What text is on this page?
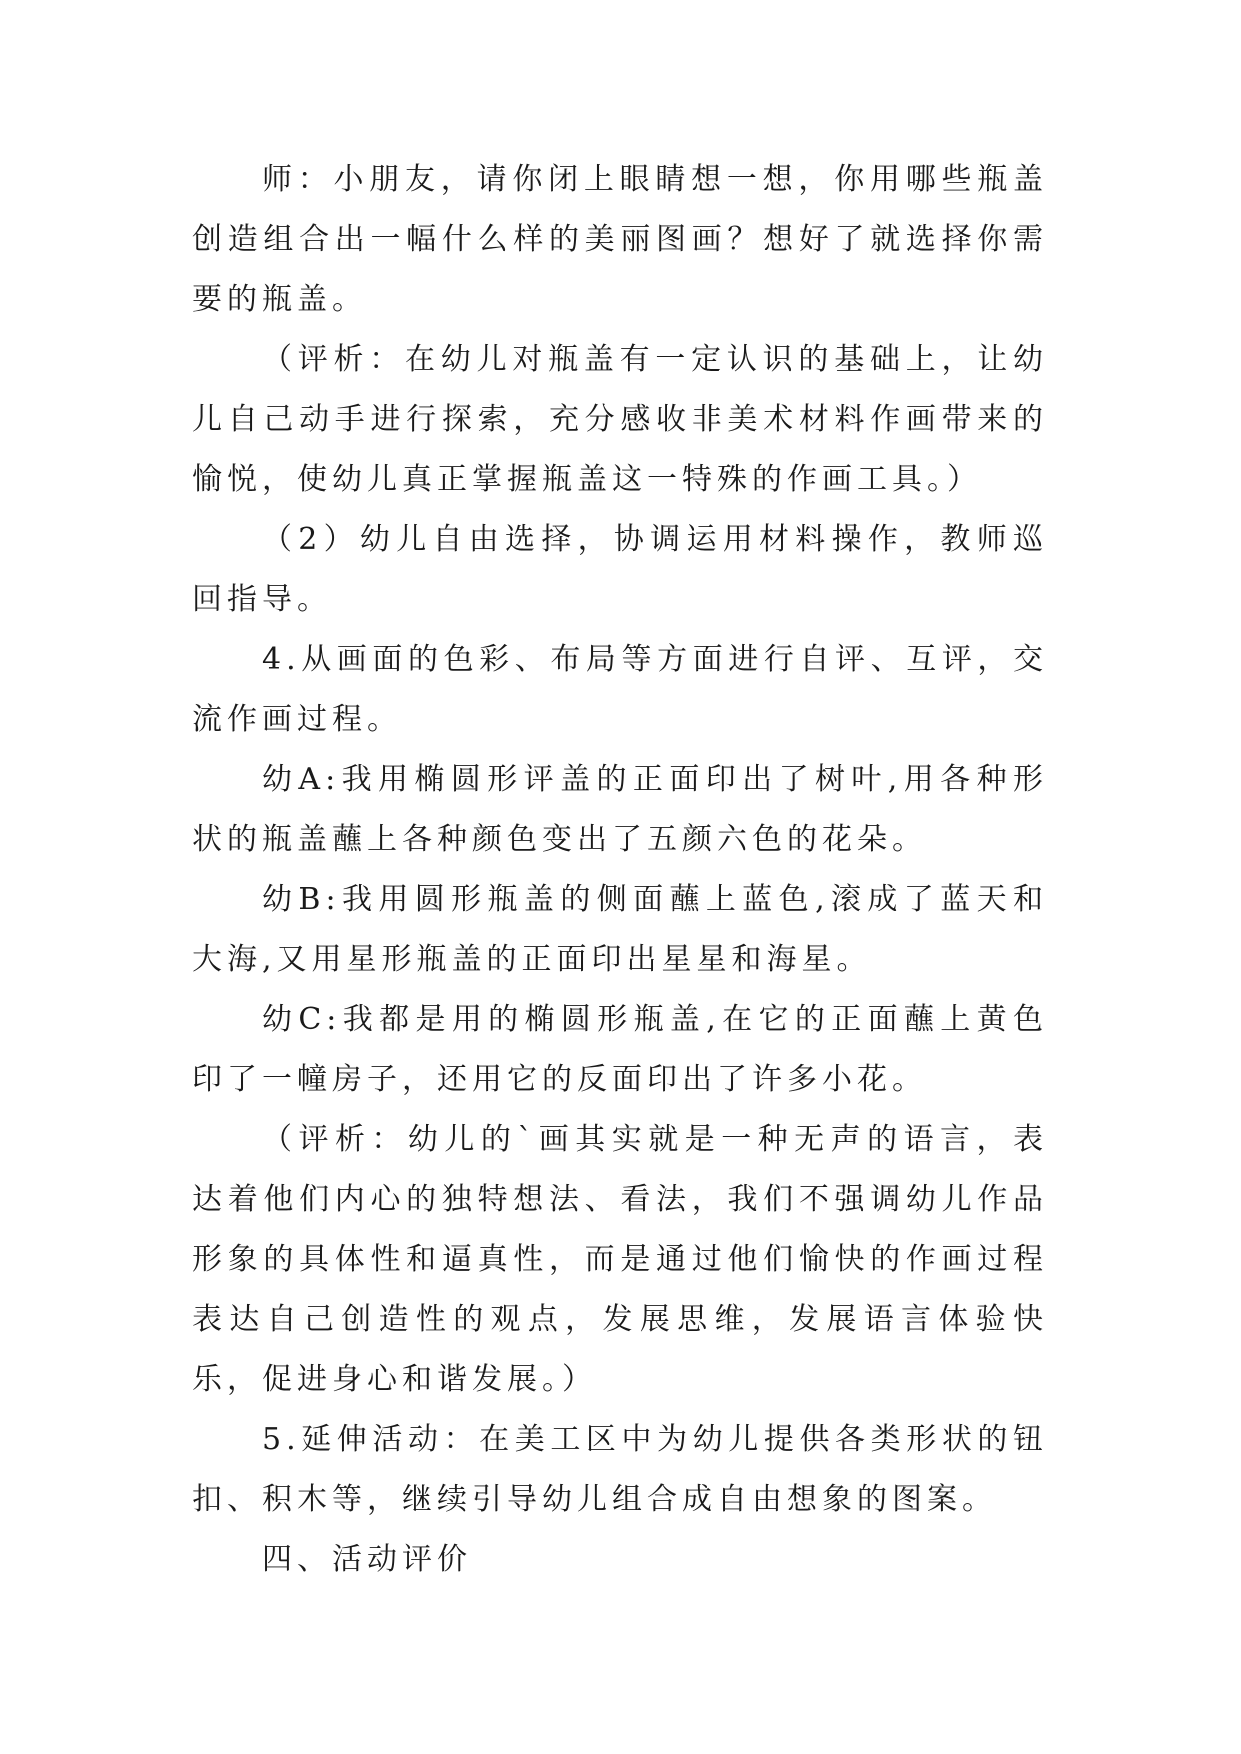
师：小朋友，请你闭上眼睛想一想，你用哪些瓶盖创造组合出一幅什么样的美丽图画？想好了就选择你需要的瓶盖。

（评析：在幼儿对瓶盖有一定认识的基础上，让幼儿自己动手进行探索，充分感收非美术材料作画带来的愉悦，使幼儿真正掌握瓶盖这一特殊的作画工具。）

（2）幼儿自由选择，协调运用材料操作，教师巡回指导。

4.从画面的色彩、布局等方面进行自评、互评，交流作画过程。

幼A:我用椭圆形评盖的正面印出了树叶,用各种形状的瓶盖蘸上各种颜色变出了五颜六色的花朵。

幼B:我用圆形瓶盖的侧面蘸上蓝色,滚成了蓝天和大海,又用星形瓶盖的正面印出星星和海星。

幼C:我都是用的椭圆形瓶盖,在它的正面蘸上黄色印了一幢房子，还用它的反面印出了许多小花。

（评析：幼儿的`画其实就是一种无声的语言，表达着他们内心的独特想法、看法，我们不强调幼儿作品形象的具体性和逼真性，而是通过他们愉快的作画过程表达自己创造性的观点，发展思维，发展语言体验快乐，促进身心和谐发展。）

5.延伸活动：在美工区中为幼儿提供各类形状的钮扣、积木等，继续引导幼儿组合成自由想象的图案。

四、活动评价
